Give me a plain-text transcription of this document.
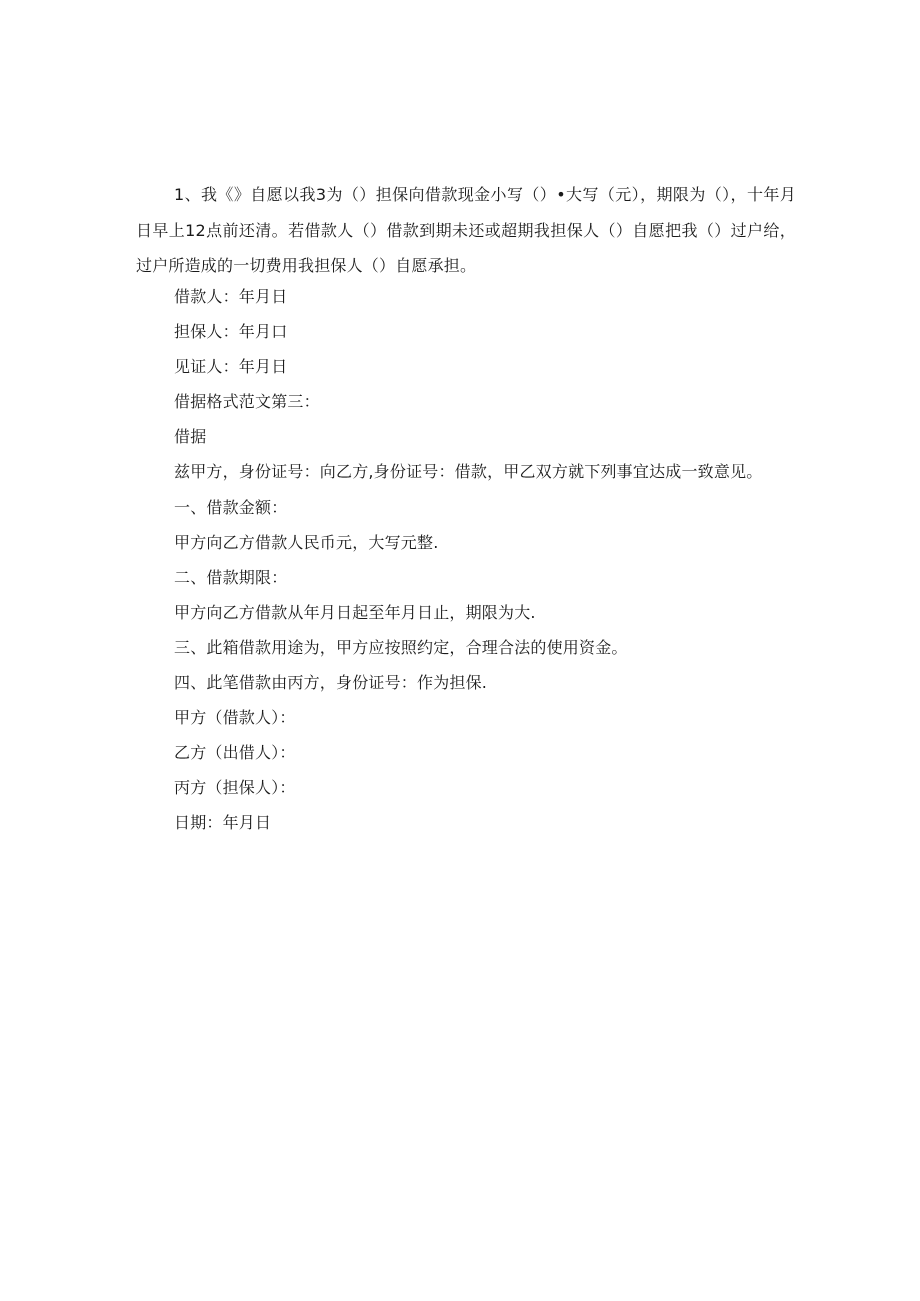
1、我《》自愿以我3为（）担保向借款现金小写（）•大写（元），期限为（），十年月日早上12点前还清。若借款人（）借款到期未还或超期我担保人（）自愿把我（）过户给，过户所造成的一切费用我担保人（）自愿承担。

借款人：年月日
担保人：年月口
见证人：年月日
借据格式范文第三：
借据
兹甲方，身份证号：向乙方,身份证号：借款，甲乙双方就下列事宜达成一致意见。
一、借款金额：
甲方向乙方借款人民币元，大写元整.
二、借款期限：
甲方向乙方借款从年月日起至年月日止，期限为大.
三、此箱借款用途为，甲方应按照约定，合理合法的使用资金。
四、此笔借款由丙方，身份证号：作为担保.
甲方（借款人）：
乙方（出借人）：
丙方（担保人）：
日期：年月日
